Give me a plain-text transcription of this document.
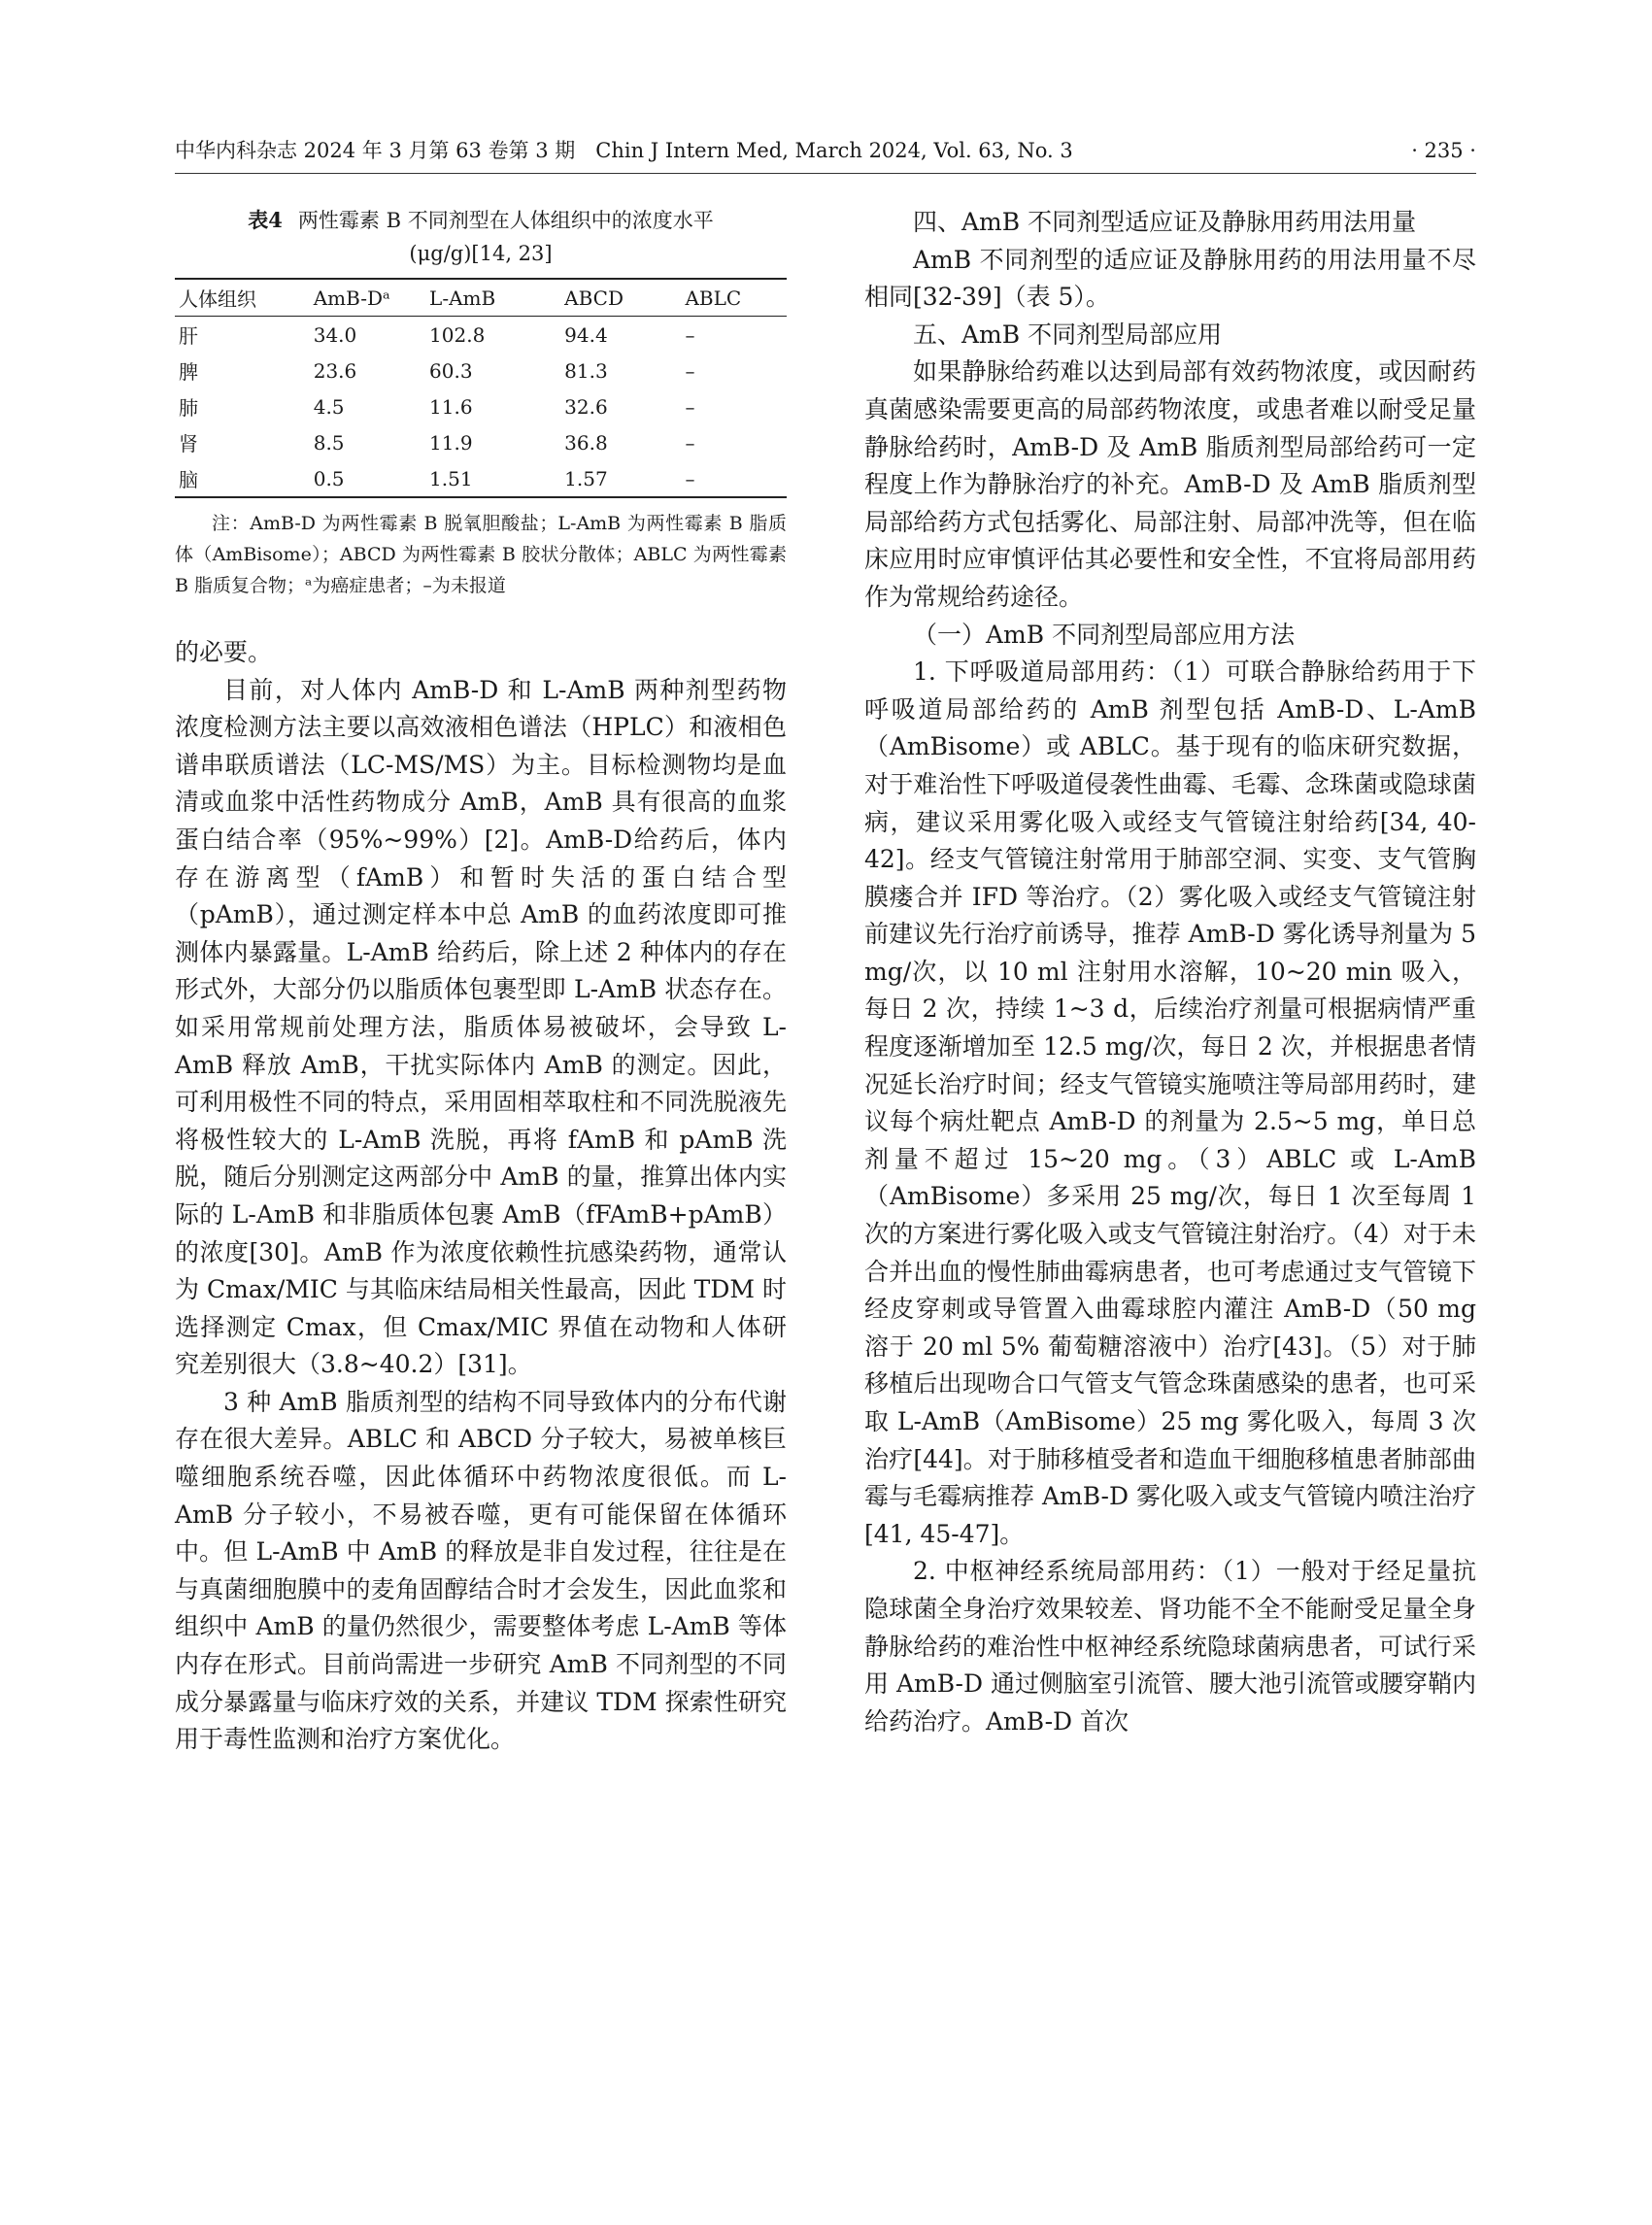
中华内科杂志 2024 年 3 月第 63 卷第 3 期　Chin J Intern Med, March 2024, Vol. 63, No. 3	· 235 ·
表4 两性霉素 B 不同剂型在人体组织中的浓度水平
(μg/g)[14, 23]
人体组织	AmB-Dᵃ	L-AmB	ABCD	ABLC
肝	34.0	102.8	94.4	–
脾	23.6	60.3	81.3	–
肺	4.5	11.6	32.6	–
肾	8.5	11.9	36.8	–
脑	0.5	1.51	1.57	–

注：AmB-D 为两性霉素 B 脱氧胆酸盐；L-AmB 为两性霉素 B 脂质体（AmBisome）；ABCD 为两性霉素 B 胶状分散体；ABLC 为两性霉素 B 脂质复合物；ᵃ为癌症患者；–为未报道

的必要。

目前，对人体内 AmB-D 和 L-AmB 两种剂型药物浓度检测方法主要以高效液相色谱法（HPLC）和液相色谱串联质谱法（LC-MS/MS）为主。目标检测物均是血清或血浆中活性药物成分 AmB，AmB 具有很高的血浆蛋白结合率（95%~99%）[2]。AmB-D给药后，体内存在游离型（fAmB）和暂时失活的蛋白结合型（pAmB），通过测定样本中总 AmB 的血药浓度即可推测体内暴露量。L-AmB 给药后，除上述 2 种体内的存在形式外，大部分仍以脂质体包裹型即 L-AmB 状态存在。如采用常规前处理方法，脂质体易被破坏，会导致 L-AmB 释放 AmB，干扰实际体内 AmB 的测定。因此，可利用极性不同的特点，采用固相萃取柱和不同洗脱液先将极性较大的 L-AmB 洗脱，再将 fAmB 和 pAmB 洗脱，随后分别测定这两部分中 AmB 的量，推算出体内实际的 L-AmB 和非脂质体包裹 AmB（fFAmB+pAmB）的浓度[30]。AmB 作为浓度依赖性抗感染药物，通常认为 Cmax/MIC 与其临床结局相关性最高，因此 TDM 时选择测定 Cmax，但 Cmax/MIC 界值在动物和人体研究差别很大（3.8~40.2）[31]。

3 种 AmB 脂质剂型的结构不同导致体内的分布代谢存在很大差异。ABLC 和 ABCD 分子较大，易被单核巨噬细胞系统吞噬，因此体循环中药物浓度很低。而 L-AmB 分子较小，不易被吞噬，更有可能保留在体循环中。但 L-AmB 中 AmB 的释放是非自发过程，往往是在与真菌细胞膜中的麦角固醇结合时才会发生，因此血浆和组织中 AmB 的量仍然很少，需要整体考虑 L-AmB 等体内存在形式。目前尚需进一步研究 AmB 不同剂型的不同成分暴露量与临床疗效的关系，并建议 TDM 探索性研究用于毒性监测和治疗方案优化。

四、AmB 不同剂型适应证及静脉用药用法用量

AmB 不同剂型的适应证及静脉用药的用法用量不尽相同[32-39]（表 5）。

五、AmB 不同剂型局部应用

如果静脉给药难以达到局部有效药物浓度，或因耐药真菌感染需要更高的局部药物浓度，或患者难以耐受足量静脉给药时，AmB-D 及 AmB 脂质剂型局部给药可一定程度上作为静脉治疗的补充。AmB-D 及 AmB 脂质剂型局部给药方式包括雾化、局部注射、局部冲洗等，但在临床应用时应审慎评估其必要性和安全性，不宜将局部用药作为常规给药途径。

（一）AmB 不同剂型局部应用方法

1. 下呼吸道局部用药：（1）可联合静脉给药用于下呼吸道局部给药的 AmB 剂型包括 AmB-D、L-AmB（AmBisome）或 ABLC。基于现有的临床研究数据，对于难治性下呼吸道侵袭性曲霉、毛霉、念珠菌或隐球菌病，建议采用雾化吸入或经支气管镜注射给药[34, 40-42]。经支气管镜注射常用于肺部空洞、实变、支气管胸膜瘘合并 IFD 等治疗。（2）雾化吸入或经支气管镜注射前建议先行治疗前诱导，推荐 AmB-D 雾化诱导剂量为 5 mg/次，以 10 ml 注射用水溶解，10~20 min 吸入，每日 2 次，持续 1~3 d，后续治疗剂量可根据病情严重程度逐渐增加至 12.5 mg/次，每日 2 次，并根据患者情况延长治疗时间；经支气管镜实施喷注等局部用药时，建议每个病灶靶点 AmB-D 的剂量为 2.5~5 mg，单日总剂量不超过 15~20 mg。（3）ABLC 或 L-AmB（AmBisome）多采用 25 mg/次，每日 1 次至每周 1 次的方案进行雾化吸入或支气管镜注射治疗。（4）对于未合并出血的慢性肺曲霉病患者，也可考虑通过支气管镜下经皮穿刺或导管置入曲霉球腔内灌注 AmB-D（50 mg 溶于 20 ml 5% 葡萄糖溶液中）治疗[43]。（5）对于肺移植后出现吻合口气管支气管念珠菌感染的患者，也可采取 L-AmB（AmBisome）25 mg 雾化吸入，每周 3 次治疗[44]。对于肺移植受者和造血干细胞移植患者肺部曲霉与毛霉病推荐 AmB-D 雾化吸入或支气管镜内喷注治疗[41, 45-47]。

2. 中枢神经系统局部用药：（1）一般对于经足量抗隐球菌全身治疗效果较差、肾功能不全不能耐受足量全身静脉给药的难治性中枢神经系统隐球菌病患者，可试行采用 AmB-D 通过侧脑室引流管、腰大池引流管或腰穿鞘内给药治疗。AmB-D 首次
